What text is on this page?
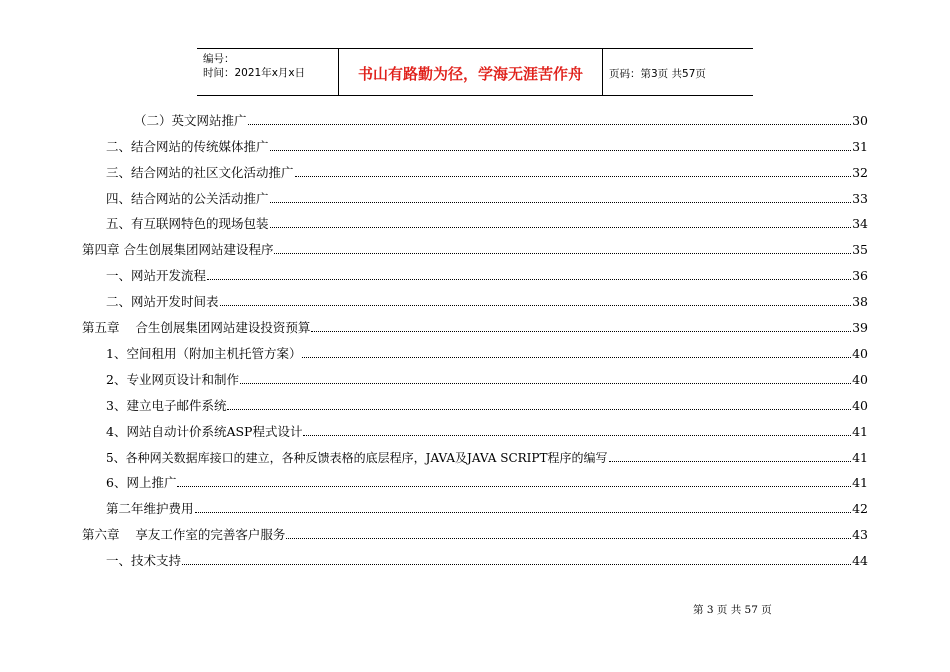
编号：
时间：2021年x月x日	书山有路勤为径，学海无涯苦作舟	页码：第3页 共57页
（二）英文网站推广	30
二、结合网站的传统媒体推广	31
三、结合网站的社区文化活动推广	32
四、结合网站的公关活动推广	33
五、有互联网特色的现场包装	34
第四章 合生创展集团网站建设程序	35
一、网站开发流程	36
二、网站开发时间表	38
第五章    合生创展集团网站建设投资预算	39
1、空间租用（附加主机托管方案）	40
2、专业网页设计和制作	40
3、建立电子邮件系统	40
4、网站自动计价系统ASP程式设计	41
5、各种网关数据库接口的建立，各种反馈表格的底层程序，JAVA及JAVA SCRIPT程序的编写	41
6、网上推广	41
第二年维护费用	42
第六章    享友工作室的完善客户服务	43
一、技术支持	44
第 3 页 共 57 页
